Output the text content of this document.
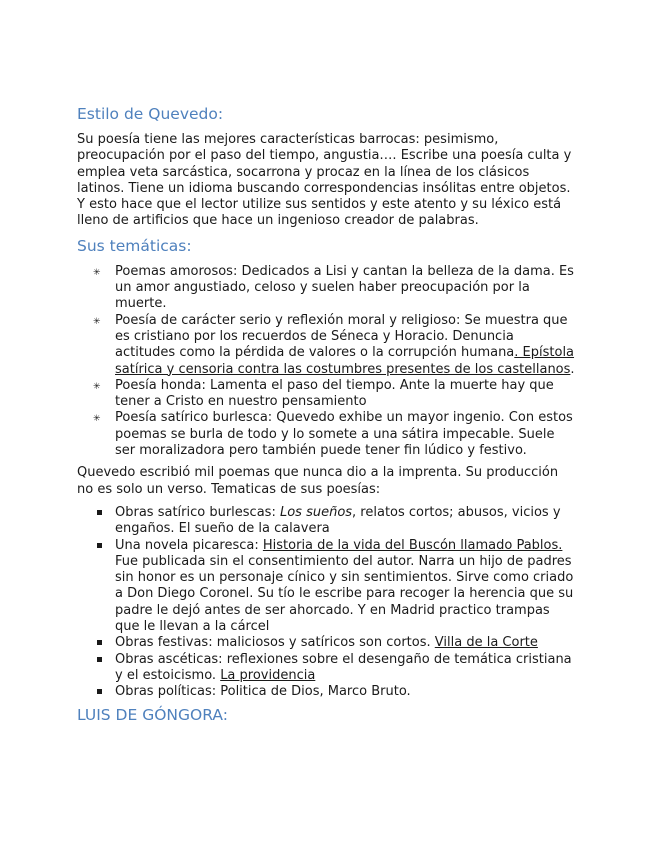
Estilo de Quevedo:

Su poesía tiene las mejores características barrocas: pesimismo, preocupación por el paso del tiempo, angustia…. Escribe una poesía culta y emplea veta sarcástica, socarrona y procaz en la línea de los clásicos latinos. Tiene un idioma buscando correspondencias insólitas entre objetos. Y esto hace que el lector utilize sus sentidos y este atento y su léxico está lleno de artificios que hace un ingenioso creador de palabras.

Sus temáticas:
✳ Poemas amorosos: Dedicados a Lisi y cantan la belleza de la dama. Es un amor angustiado, celoso y suelen haber preocupación por la muerte.
✳ Poesía de carácter serio y reflexión moral y religioso: Se muestra que es cristiano por los recuerdos de Séneca y Horacio. Denuncia actitudes como la pérdida de valores o la corrupción humana. Epístola satírica y censoria contra las costumbres presentes de los castellanos.
✳ Poesía honda: Lamenta el paso del tiempo. Ante la muerte hay que tener a Cristo en nuestro pensamiento
✳ Poesía satírico burlesca: Quevedo exhibe un mayor ingenio. Con estos poemas se burla de todo y lo somete a una sátira impecable. Suele ser moralizadora pero también puede tener fin lúdico y festivo.

Quevedo escribió mil poemas que nunca dio a la imprenta. Su producción no es solo un verso. Tematicas de sus poesías:

Obras satírico burlescas: Los sueños, relatos cortos; abusos, vicios y engaños. El sueño de la calavera
Una novela picaresca: Historia de la vida del Buscón llamado Pablos. Fue publicada sin el consentimiento del autor. Narra un hijo de padres sin honor es un personaje cínico y sin sentimientos. Sirve como criado a Don Diego Coronel. Su tío le escribe para recoger la herencia que su padre le dejó antes de ser ahorcado. Y en Madrid practico trampas que le llevan a la cárcel
Obras festivas: maliciosos y satíricos son cortos. Villa de la Corte
Obras ascéticas: reflexiones sobre el desengaño de temática cristiana y el estoicismo. La providencia
Obras políticas: Politica de Dios, Marco Bruto.
LUIS DE GÓNGORA:
